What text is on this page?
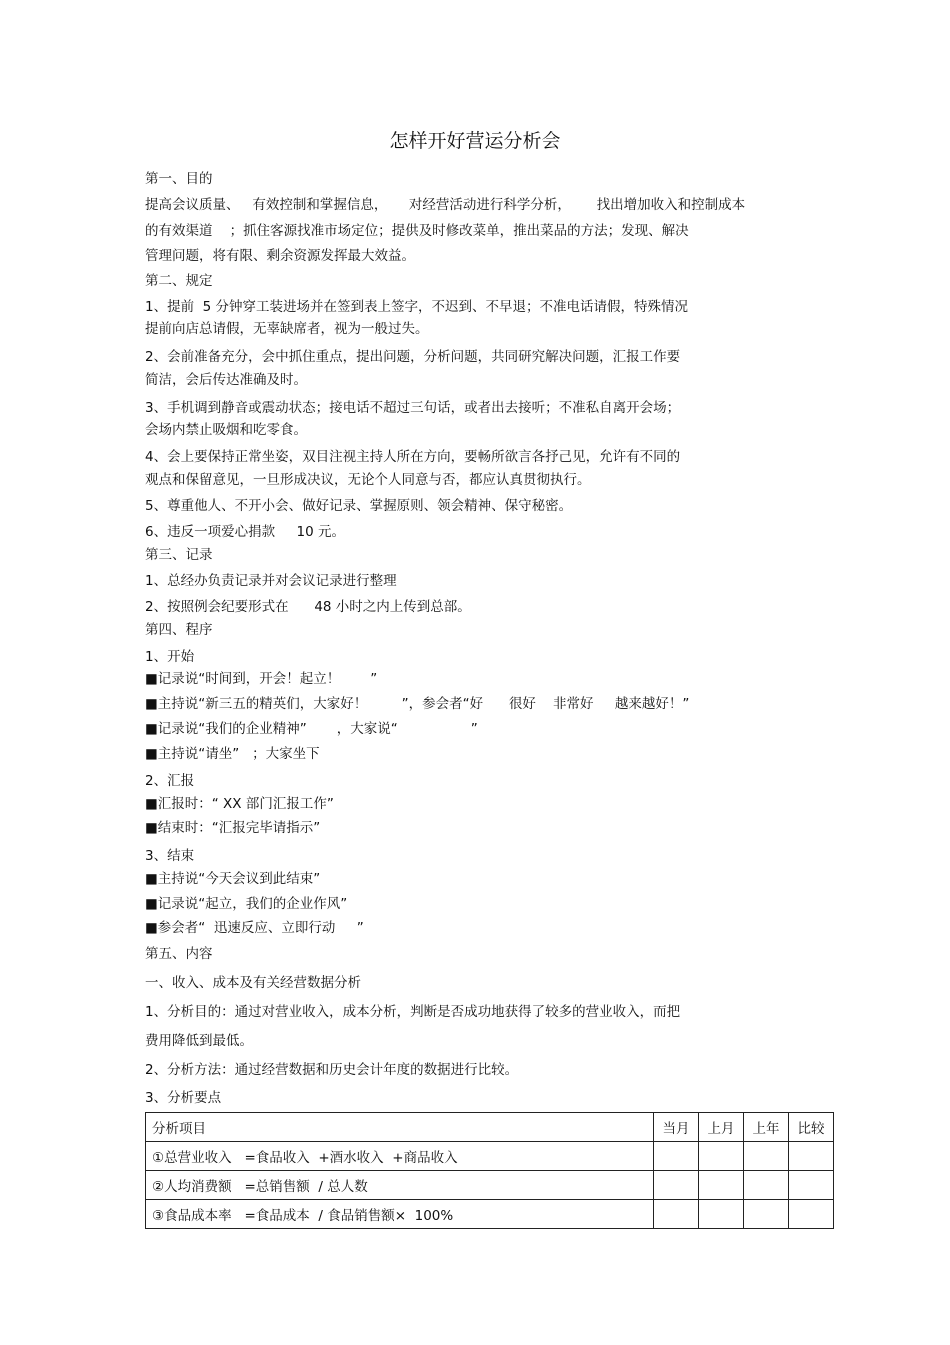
怎样开好营运分析会
第一、目的
提高会议质量、   有效控制和掌握信息，     对经营活动进行科学分析，      找出增加收入和控制成本
的有效渠道    ；抓住客源找准市场定位；提供及时修改菜单，推出菜品的方法；发现、解决
管理问题，将有限、剩余资源发挥最大效益。
第二、规定
1、提前  5 分钟穿工装进场并在签到表上签字，不迟到、不早退；不准电话请假，特殊情况
提前向店总请假，无辜缺席者，视为一般过失。
2、会前准备充分，会中抓住重点，提出问题，分析问题，共同研究解决问题，汇报工作要
简洁，会后传达准确及时。
3、手机调到静音或震动状态；接电话不超过三句话，或者出去接听；不准私自离开会场；
会场内禁止吸烟和吃零食。
4、会上要保持正常坐姿，双目注视主持人所在方向，要畅所欲言各抒己见，允许有不同的
观点和保留意见，一旦形成决议，无论个人同意与否，都应认真贯彻执行。
5、尊重他人、不开小会、做好记录、掌握原则、领会精神、保守秘密。
6、违反一项爱心捐款     10 元。
第三、记录
1、总经办负责记录并对会议记录进行整理
2、按照例会纪要形式在      48 小时之内上传到总部。
第四、程序
1、开始
■记录说“时间到，开会！起立！       ”
■主持说“新三五的精英们，大家好！        ”，参会者“好      很好    非常好     越来越好！”
■记录说“我们的企业精神”       ，大家说“                 ”
■主持说“请坐”   ；大家坐下
2、汇报
■汇报时：“ XX 部门汇报工作”
■结束时：“汇报完毕请指示”
3、结束
■主持说“今天会议到此结束”
■记录说“起立，我们的企业作风”
■参会者“  迅速反应、立即行动     ”
第五、内容
一、收入、成本及有关经营数据分析
1、分析目的：通过对营业收入，成本分析，判断是否成功地获得了较多的营业收入，而把
费用降低到最低。
2、分析方法：通过经营数据和历史会计年度的数据进行比较。
3、分析要点
分析项目	当月	上月	上年	比较
①总营业收入   =食品收入  +酒水收入  +商品收入				
②人均消费额   =总销售额  / 总人数				
③食品成本率   =食品成本  / 食品销售额×  100%				
